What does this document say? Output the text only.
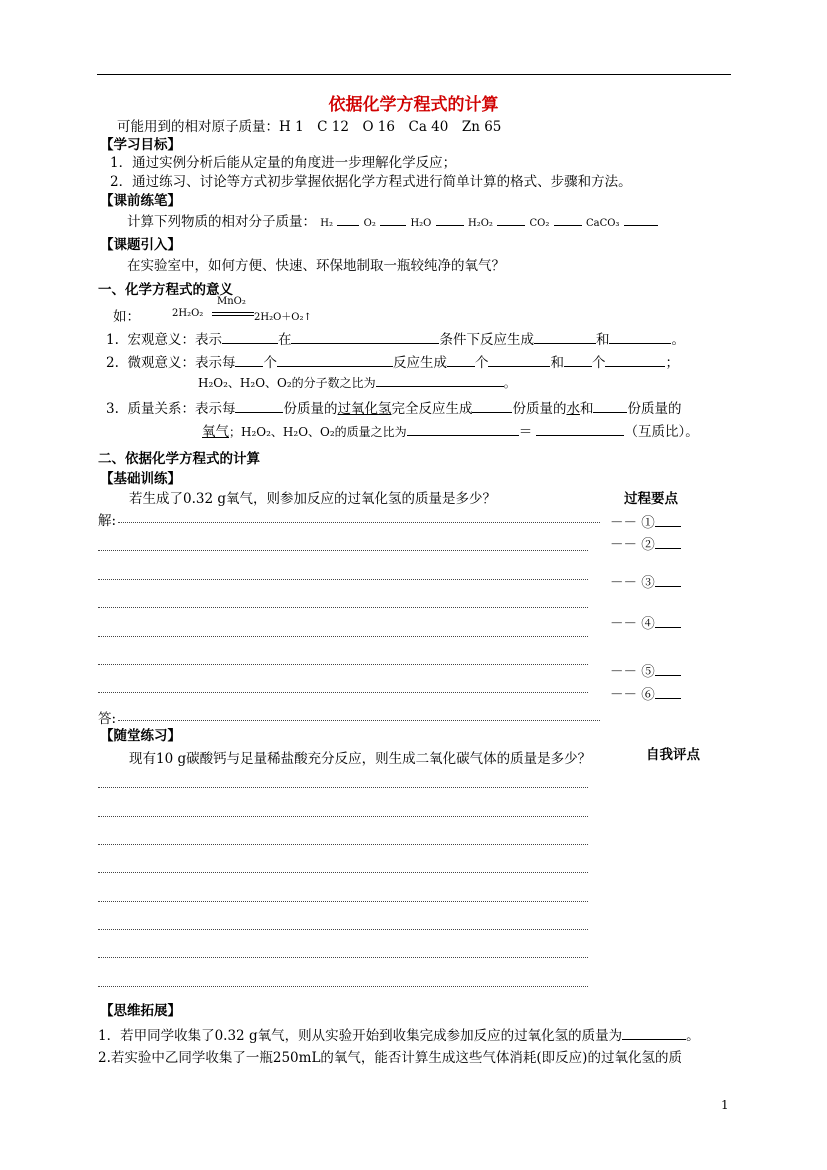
依据化学方程式的计算
可能用到的相对原子质量：H 1　C 12　O 16　Ca 40　Zn 65
【学习目标】
1．通过实例分析后能从定量的角度进一步理解化学反应；
2．通过练习、讨论等方式初步掌握依据化学方程式进行简单计算的格式、步骤和方法。
【课前练笔】
计算下列物质的相对分子质量： H₂	O₂	H₂O	H₂O₂	CO₂	CaCO₃
【课题引入】
在实验室中，如何方便、快速、环保地制取一瓶较纯净的氧气？
一、化学方程式的意义
如：	2H₂O₂
MnO₂
2H₂O＋O₂↑
1. 宏观意义：表示	在	条件下反应生成	和	。
2. 微观意义：表示每 个	反应生成 个	和 个	；
H₂O₂、H₂O、O₂的分子数之比为	。
3. 质量关系：表示每	份质量的过氧化氢完全反应生成	份质量的水和	份质量的
氧气；H₂O₂、H₂O、O₂的质量之比为	＝	（互质比）。
二、依据化学方程式的计算
【基础训练】
若生成了0.32 g氧气，则参加反应的过氧化氢的质量是多少？	过程要点
解:
答:
－－ ①
－－ ②
－－ ③
－－ ④
－－ ⑤
－－ ⑥
【随堂练习】
现有10 g碳酸钙与足量稀盐酸充分反应，则生成二氧化碳气体的质量是多少？	自我评点
【思维拓展】
1．若甲同学收集了0.32 g氧气，则从实验开始到收集完成参加反应的过氧化氢的质量为	。
2.若实验中乙同学收集了一瓶250mL的氧气，能否计算生成这些气体消耗(即反应)的过氧化氢的质
1
